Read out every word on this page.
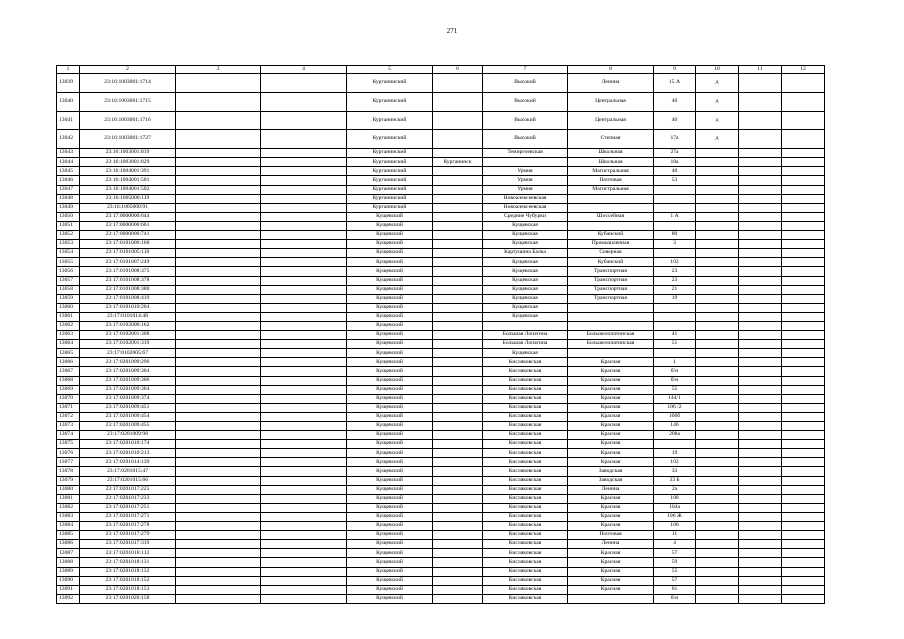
271
1	2	3	4	5	6	7	8	9	10	11	12
13039	23:16:1003001:1714			Курганинский		Высокий	Ленина	15 А	д		
13040	23:16:1003001:1715			Курганинский		Высокий	Центральная	40	д		
13041	23:16:1003001:1716			Курганинский		Высокий	Центральная	40	д		
13042	23:16:1003001:1727			Курганинский		Высокий	Степная	17а	д		
13043	23:16:1003001:819			Курганинский		Темиргоевская	Школьная	27а			
13044	23:16:1003001:829			Курганинский	Курганинск		Школьная	18а			
13045	23:16:1004001:391			Курганинский		Урмия	Магистральная	40			
13046	23:16:1004001:501			Курганинский		Урмия	Почтовая	53			
13047	23:16:1004001:502			Курганинский		Урмия	Магистральная				
13048	23:16:1005000:119			Курганинский		Новоалексеевская					
13049	23:16:1005000:91			Курганинский		Новоалексеевская					
13050	23:17:0000000:644			Кущевский		Средние Чубурки	Шоссейная	1 А			
13051	23:17:0000000:661			Кущевский		Кущевская					
13052	23:17:0000000:741			Кущевский		Кущевская	Кубанский	80			
13053	23:17:0101000:160			Кущевский		Кущевская	Промышленная	3			
13054	23:17:0101005:110			Кущевский		Картушина Балка	Северная				
13055	23:17:0101007:249			Кущевский		Кущевская	Кубанский	102			
13056	23:17:0101008:375			Кущевский		Кущевская	Транспортная	23			
13057	23:17:0101008:378			Кущевский		Кущевская	Транспортная	23			
13058	23:17:0101008:380			Кущевский		Кущевская	Транспортная	21			
13059	23:17:0101008:419			Кущевский		Кущевская	Транспортная	19			
13060	23:17:0101010:204			Кущевский		Кущевская					
13061	23:17:0101014:48			Кущевский		Кущевская					
13062	23:17:0102000:162			Кущевский							
13063	23:17:0102001:308			Кущевский		Большая Лопатина	Большелопатинская	41			
13064	23:17:0102001:319			Кущевский		Большая Лопатина	Большелопатинская	51			
13065	23:17:0102005:67			Кущевский		Кущевская					
13066	23:17:0201009:296			Кущевский		Кисляковская	Красная	1			
13067	23:17:0201009:304			Кущевский		Кисляковская	Красная	б/н			
13068	23:17:0201009:306			Кущевский		Кисляковская	Красная	б/н			
13069	23:17:0201009:364			Кущевский		Кисляковская	Красная	55			
13070	23:17:0201009:374			Кущевский		Кисляковская	Красная	144/1			
13071	23:17:0201009:451			Кущевский		Кисляковская	Красная	106 /2			
13072	23:17:0201009:454			Кущевский		Кисляковская	Красная	106б			
13073	23:17:0201009:455			Кущевский		Кисляковская	Красная	146			
13074	23:17:0201009:98			Кущевский		Кисляковская	Красная	208а			
13075	23:17:0201010:174			Кущевский		Кисляковская	Красная				
13076	23:17:0201010:213			Кущевский		Кисляковская	Красная	19			
13077	23:17:0201014:139			Кущевский		Кисляковская	Красная	102			
13078	23:17:0201015:47			Кущевский		Кисляковская	Заводская	33			
13079	23:17:0201015:66			Кущевский		Кисляковская	Заводская	33 Б			
13080	23:17:0201017:225			Кущевский		Кисляковская	Ленина	2а			
13081	23:17:0201017:233			Кущевский		Кисляковская	Красная	108			
13082	23:17:0201017:251			Кущевский		Кисляковская	Красная	104а			
13083	23:17:0201017:271			Кущевский		Кисляковская	Красная	106 Ж			
13084	23:17:0201017:278			Кущевский		Кисляковская	Красная	106			
13085	23:17:0201017:279			Кущевский		Кисляковская	Почтовая	11			
13086	23:17:0201017:319			Кущевский		Кисляковская	Ленина	4			
13087	23:17:0201018:112			Кущевский		Кисляковская	Красная	57			
13088	23:17:0201018:131			Кущевский		Кисляковская	Красная	59			
13089	23:17:0201018:132			Кущевский		Кисляковская	Красная	55			
13090	23:17:0201018:152			Кущевский		Кисляковская	Красная	57			
13091	23:17:0201018:153			Кущевский		Кисляковская	Красная	61			
13092	23:17:0201020:158			Кущевский		Кисляковская		б/н			
